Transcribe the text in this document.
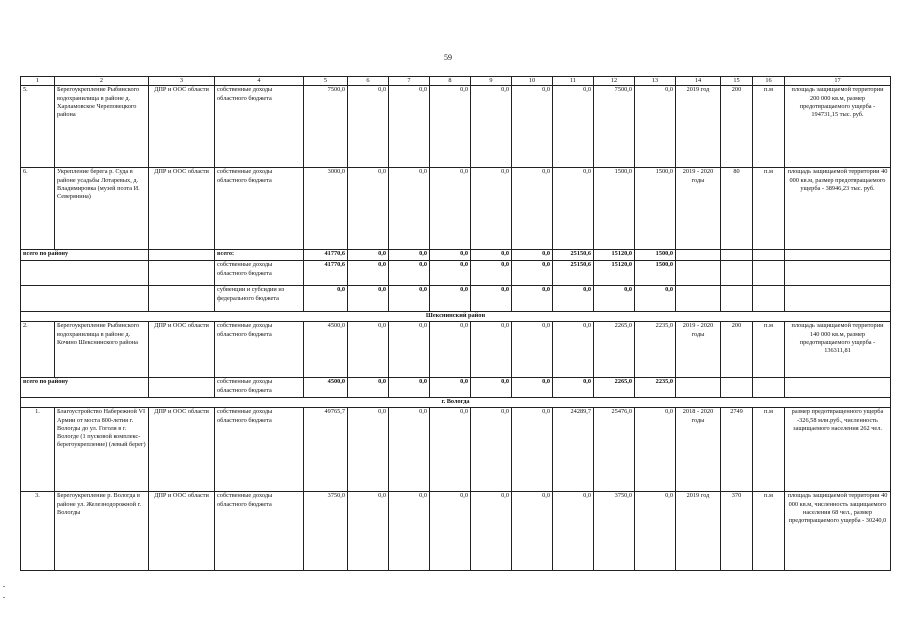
59
1	2	3	4	5	6	7	8	9	10	11	12	13	14	15	16	17
5.	Берегоукрепление Рыбинского водохранилища в районе д. Харламовское Череповецкого района	ДПР и ООС области	собственные доходы областного бюджета	7500,0	0,0	0,0	0,0	0,0	0,0	0,0	7500,0	0,0	2019 год	200	п.м	площадь защищаемой территории 200 000 кв.м, размер предотвращаемого ущерба - 194731,15 тыс. руб.
6.	Укрепление берега р. Суда в районе усадьбы Лотаревых, д. Владимировка (музей поэта И. Северянина)	ДПР и ООС области	собственные доходы областного бюджета	3000,0	0,0	0,0	0,0	0,0	0,0	0,0	1500,0	1500,0	2019 - 2020 годы	80	п.м	площадь защищаемой территории 40 000 кв.м, размер предотвращаемого ущерба - 38946,23 тыс. руб.
всего по району			всего:	41770,6	0,0	0,0	0,0	0,0	0,0	25150,6	15120,0	1500,0				
			собственные доходы областного бюджета	41770,6	0,0	0,0	0,0	0,0	0,0	25150,6	15120,0	1500,0				
			субвенции и субсидии из федерального бюджета	0,0	0,0	0,0	0,0	0,0	0,0	0,0	0,0	0,0				
Шекснинский район																
2.	Берегоукрепление Рыбинского водохранилища в районе д. Кочино Шекснинского района	ДПР и ООС области	собственные доходы областного бюджета	4500,0	0,0	0,0	0,0	0,0	0,0	0,0	2265,0	2235,0	2019 - 2020 годы	200	п.м	площадь защищаемой территории 140 000 кв.м, размер предотвращаемого ущерба - 136311,81
всего по району			собственные доходы областного бюджета	4500,0	0,0	0,0	0,0	0,0	0,0	0,0	2265,0	2235,0				
г. Вологда																
1.	Благоустройство Набережной VI Армии от моста 800-летия г. Вологды до ул. Гоголя в г. Вологде (1 пусковой комплекс-берегоукрепление) (левый берег)	ДПР и ООС области	собственные доходы областного бюджета	49765,7	0,0	0,0	0,0	0,0	0,0	24289,7	25476,0	0,0	2018 - 2020 годы	2749	п.м	размер предотвращенного ущерба -326,58 млн.руб., численность защищаемого населения 262 чел.
3.	Берегоукрепление р. Вологда в районе ул. Железнодорожной г. Вологды	ДПР и ООС области	собственные доходы областного бюджета	3750,0	0,0	0,0	0,0	0,0	0,0	0,0	3750,0	0,0	2019 год	370	п.м	площадь защищаемой территории 40 000 кв.м, численность защищаемого населения 68 чел., размер предотвращаемого ущерба - 30240,0
